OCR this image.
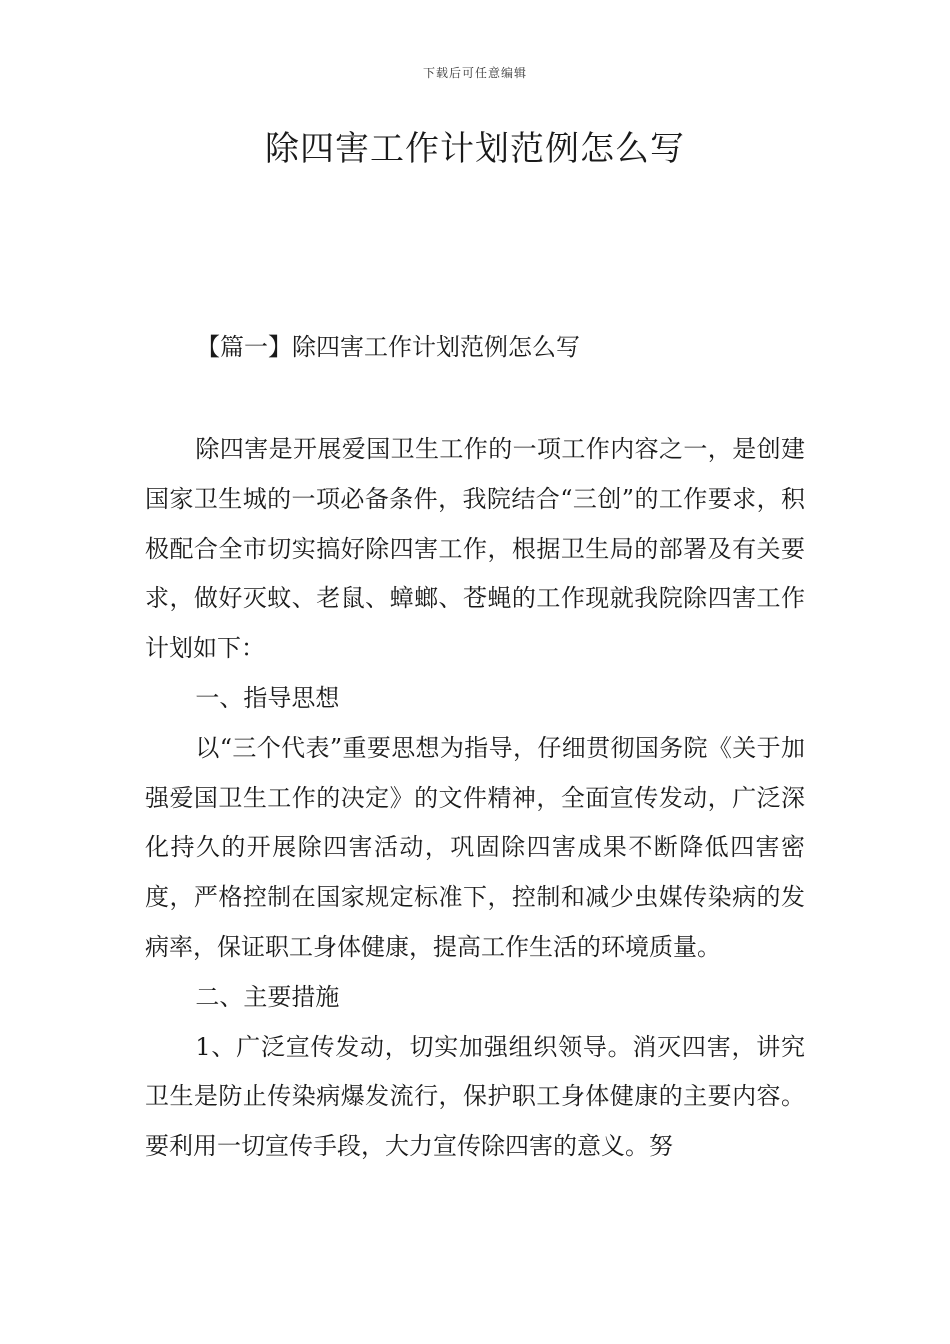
下载后可任意编辑
除四害工作计划范例怎么写
【篇一】除四害工作计划范例怎么写

除四害是开展爱国卫生工作的一项工作内容之一，是创建国家卫生城的一项必备条件，我院结合“三创”的工作要求，积极配合全市切实搞好除四害工作，根据卫生局的部署及有关要求，做好灭蚊、老鼠、蟑螂、苍蝇的工作现就我院除四害工作计划如下：

一、指导思想

以“三个代表”重要思想为指导，仔细贯彻国务院《关于加强爱国卫生工作的决定》的文件精神，全面宣传发动，广泛深化持久的开展除四害活动，巩固除四害成果不断降低四害密度，严格控制在国家规定标准下，控制和减少虫媒传染病的发病率，保证职工身体健康，提高工作生活的环境质量。

二、主要措施

1、广泛宣传发动，切实加强组织领导。消灭四害，讲究卫生是防止传染病爆发流行，保护职工身体健康的主要内容。要利用一切宣传手段，大力宣传除四害的意义。努
